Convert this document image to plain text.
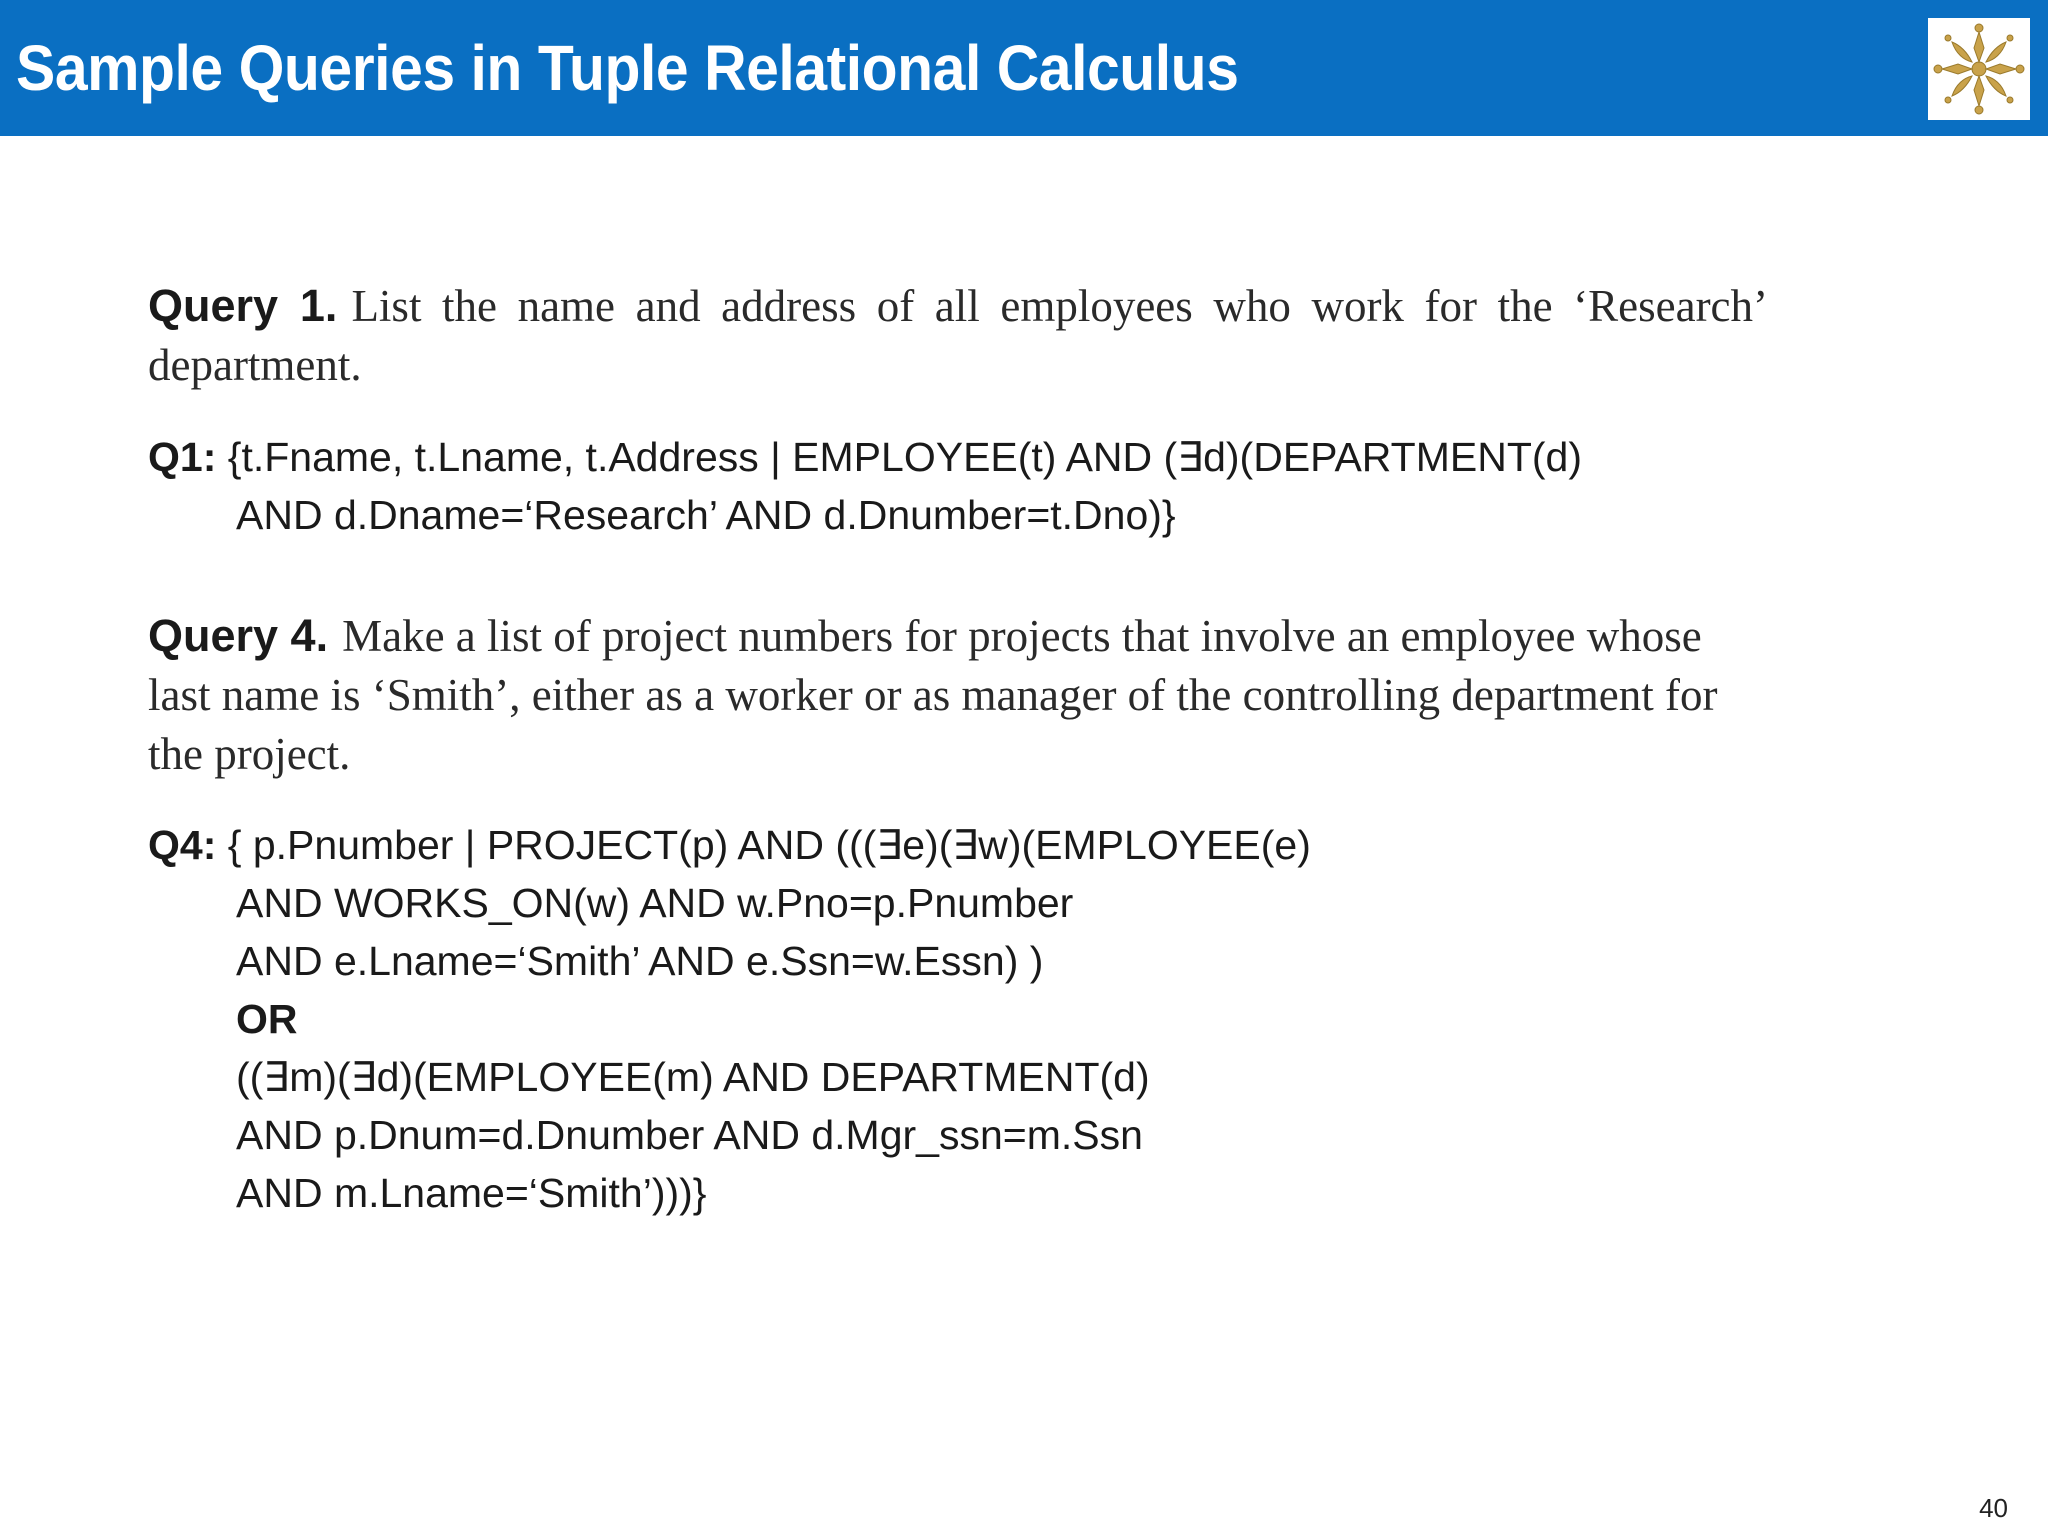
Sample Queries in Tuple Relational Calculus

Query 1. List the name and address of all employees who work for the ‘Research’ department.

Q1: {t.Fname, t.Lname, t.Address | EMPLOYEE(t) AND (∃d)(DEPARTMENT(d)
AND d.Dname=‘Research’ AND d.Dnumber=t.Dno)}

Query 4. Make a list of project numbers for projects that involve an employee whose last name is ‘Smith’, either as a worker or as manager of the controlling department for the project.

Q4: { p.Pnumber | PROJECT(p) AND (((∃e)(∃w)(EMPLOYEE(e)
AND WORKS_ON(w) AND w.Pno=p.Pnumber
AND e.Lname=‘Smith’ AND e.Ssn=w.Essn) )
OR
((∃m)(∃d)(EMPLOYEE(m) AND DEPARTMENT(d)
AND p.Dnum=d.Dnumber AND d.Mgr_ssn=m.Ssn
AND m.Lname=‘Smith’)))}
40
